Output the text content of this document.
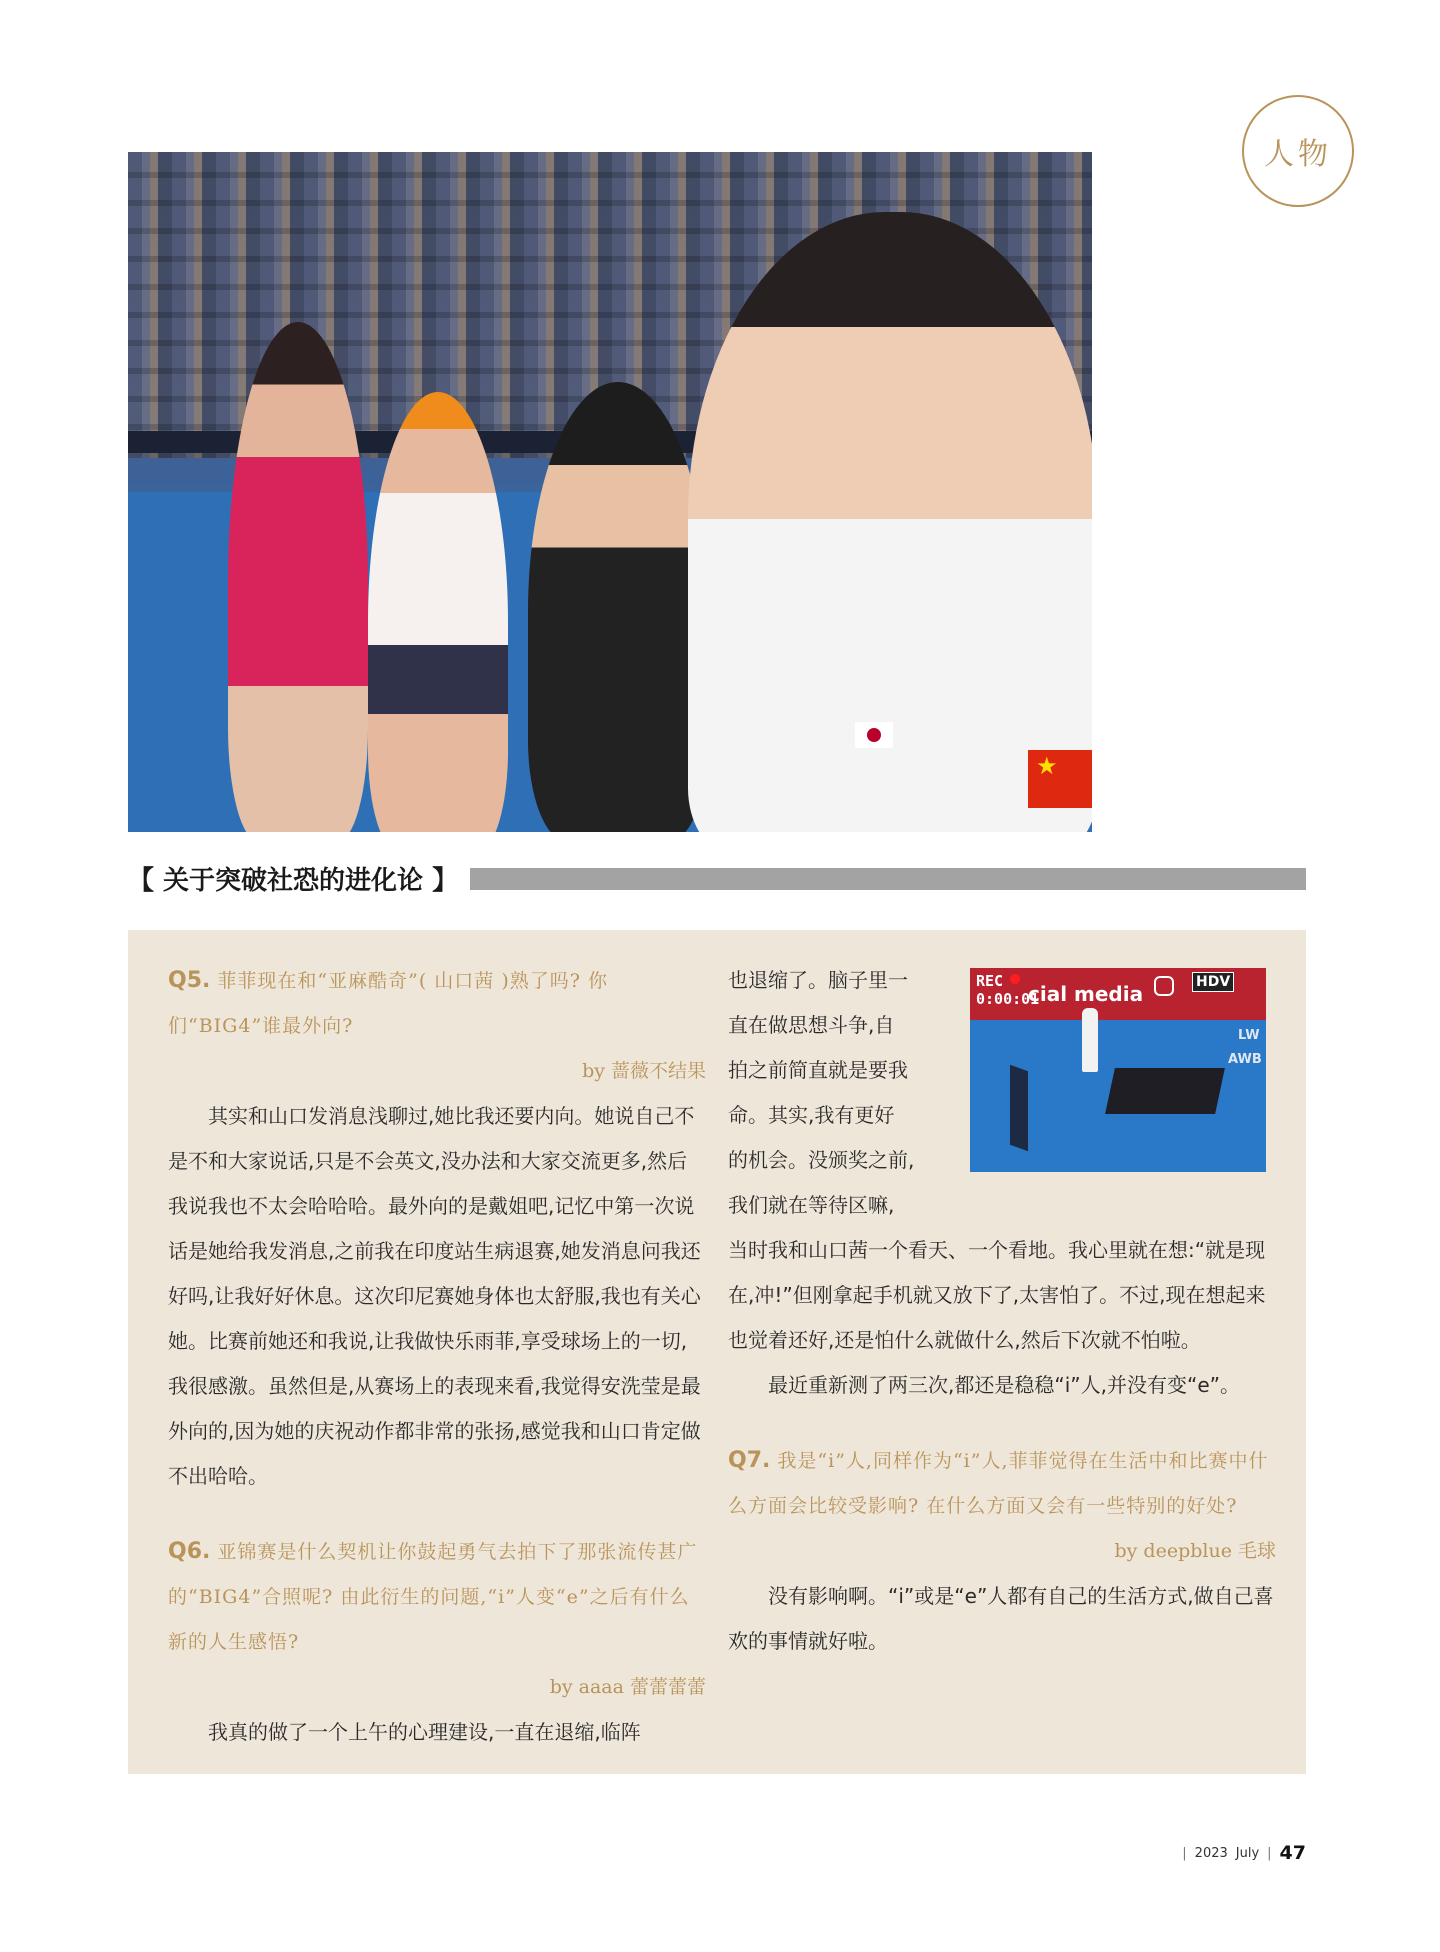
人物
★
【 关于突破社恐的进化论 】
Q5. 菲菲现在和“亚麻酷奇”( 山口茜 )熟了吗? 你们“BIG4”谁最外向?
by 蔷薇不结果

其实和山口发消息浅聊过,她比我还要内向。她说自己不是不和大家说话,只是不会英文,没办法和大家交流更多,然后我说我也不太会哈哈哈。最外向的是戴姐吧,记忆中第一次说话是她给我发消息,之前我在印度站生病退赛,她发消息问我还好吗,让我好好休息。这次印尼赛她身体也太舒服,我也有关心她。比赛前她还和我说,让我做快乐雨菲,享受球场上的一切,我很感激。虽然但是,从赛场上的表现来看,我觉得安洗莹是最外向的,因为她的庆祝动作都非常的张扬,感觉我和山口肯定做不出哈哈。

Q6. 亚锦赛是什么契机让你鼓起勇气去拍下了那张流传甚广的“BIG4”合照呢? 由此衍生的问题,“i”人变“e”之后有什么新的人生感悟?
by aaaa 蕾蕾蕾蕾

我真的做了一个上午的心理建设,一直在退缩,临阵

也退缩了。脑子里一
直在做思想斗争,自
拍之前简直就是要我
命。其实,我有更好
的机会。没颁奖之前,
我们就在等待区嘛,

当时我和山口茜一个看天、一个看地。我心里就在想:“就是现在,冲!”但刚拿起手机就又放下了,太害怕了。不过,现在想起来也觉着还好,还是怕什么就做什么,然后下次就不怕啦。

最近重新测了两三次,都还是稳稳“i”人,并没有变“e”。

Q7. 我是“i”人,同样作为“i”人,菲菲觉得在生活中和比赛中什么方面会比较受影响? 在什么方面又会有一些特别的好处?
by deepblue 毛球

没有影响啊。“i”或是“e”人都有自己的生活方式,做自己喜欢的事情就好啦。

cial media
REC
0:00:01
HDV
LW
AWB
| 2023 July | 47
